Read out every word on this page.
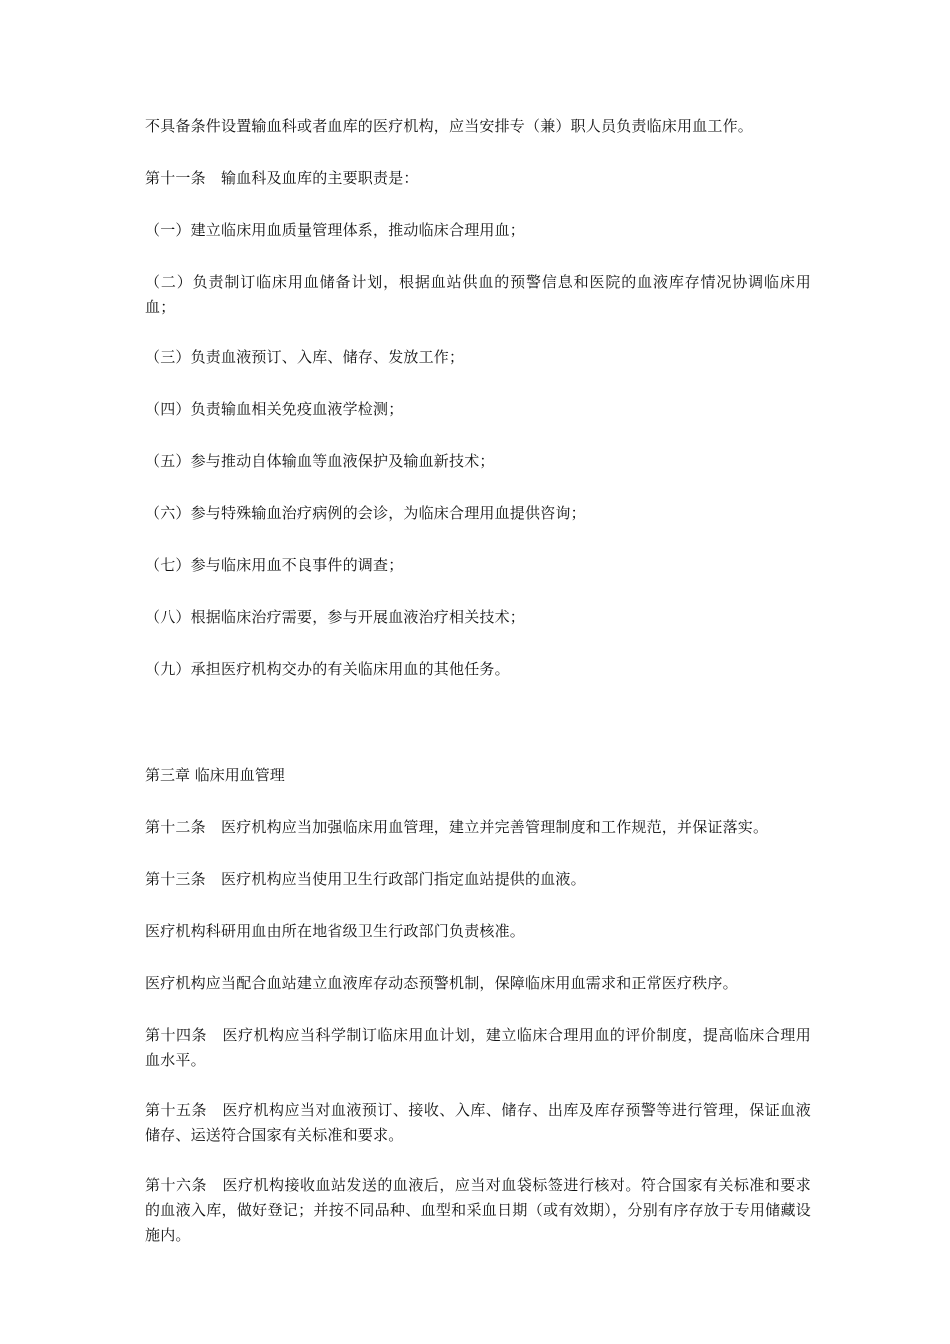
不具备条件设置输血科或者血库的医疗机构，应当安排专（兼）职人员负责临床用血工作。

第十一条　输血科及血库的主要职责是：

（一）建立临床用血质量管理体系，推动临床合理用血；

（二）负责制订临床用血储备计划，根据血站供血的预警信息和医院的血液库存情况协调临床用血；

（三）负责血液预订、入库、储存、发放工作；

（四）负责输血相关免疫血液学检测；

（五）参与推动自体输血等血液保护及输血新技术；

（六）参与特殊输血治疗病例的会诊，为临床合理用血提供咨询；

（七）参与临床用血不良事件的调查；

（八）根据临床治疗需要，参与开展血液治疗相关技术；

（九）承担医疗机构交办的有关临床用血的其他任务。

第三章 临床用血管理

第十二条　医疗机构应当加强临床用血管理，建立并完善管理制度和工作规范，并保证落实。

第十三条　医疗机构应当使用卫生行政部门指定血站提供的血液。

医疗机构科研用血由所在地省级卫生行政部门负责核准。

医疗机构应当配合血站建立血液库存动态预警机制，保障临床用血需求和正常医疗秩序。

第十四条　医疗机构应当科学制订临床用血计划，建立临床合理用血的评价制度，提高临床合理用血水平。

第十五条　医疗机构应当对血液预订、接收、入库、储存、出库及库存预警等进行管理，保证血液储存、运送符合国家有关标准和要求。

第十六条　医疗机构接收血站发送的血液后，应当对血袋标签进行核对。符合国家有关标准和要求的血液入库，做好登记；并按不同品种、血型和采血日期（或有效期），分别有序存放于专用储藏设施内。
